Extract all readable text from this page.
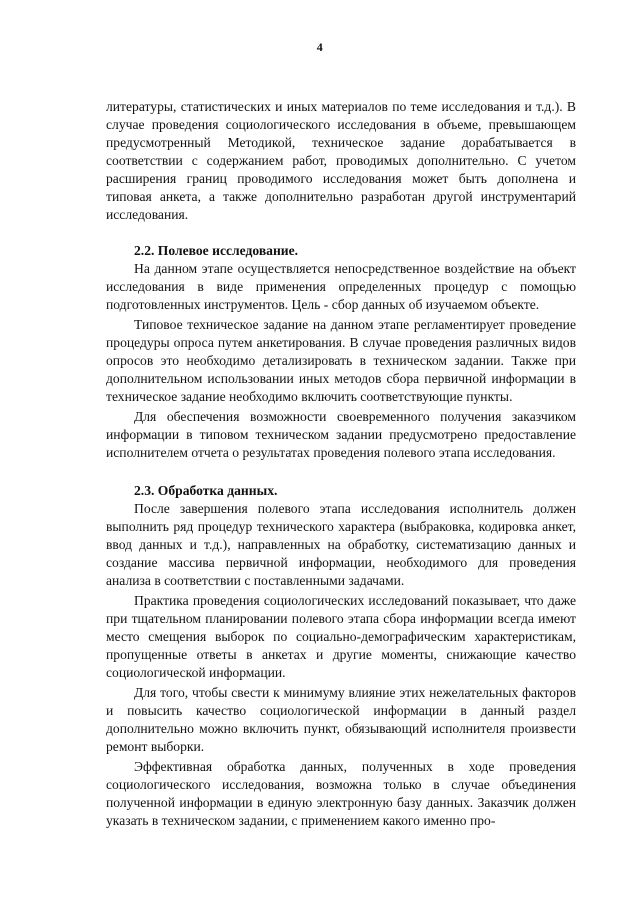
4

литературы, статистических и иных материалов по теме исследования и т.д.). В случае проведения социологического исследования в объеме, превышающем предусмотренный Методикой, техническое задание дорабатывается в соответствии с содержанием работ, проводимых дополнительно. С учетом расширения границ проводимого исследования может быть дополнена и типовая анкета, а также дополнительно разработан другой инструментарий исследования.

2.2. Полевое исследование.

На данном этапе осуществляется непосредственное воздействие на объект исследования в виде применения определенных процедур с помощью подготовленных инструментов. Цель - сбор данных об изучаемом объекте.

Типовое техническое задание на данном этапе регламентирует проведение процедуры опроса путем анкетирования. В случае проведения различных видов опросов это необходимо детализировать в техническом задании. Также при дополнительном использовании иных методов сбора первичной информации в техническое задание необходимо включить соответствующие пункты.

Для обеспечения возможности своевременного получения заказчиком информации в типовом техническом задании предусмотрено предоставление исполнителем отчета о результатах проведения полевого этапа исследования.

2.3. Обработка данных.

После завершения полевого этапа исследования исполнитель должен выполнить ряд процедур технического характера (выбраковка, кодировка анкет, ввод данных и т.д.), направленных на обработку, систематизацию данных и создание массива первичной информации, необходимого для проведения анализа в соответствии с поставленными задачами.

Практика проведения социологических исследований показывает, что даже при тщательном планировании полевого этапа сбора информации всегда имеют место смещения выборок по социально-демографическим характеристикам, пропущенные ответы в анкетах и другие моменты, снижающие качество социологической информации.

Для того, чтобы свести к минимуму влияние этих нежелательных факторов и повысить качество социологической информации в данный раздел дополнительно можно включить пункт, обязывающий исполнителя произвести ремонт выборки.

Эффективная обработка данных, полученных в ходе проведения социологического исследования, возможна только в случае объединения полученной информации в единую электронную базу данных. Заказчик должен указать в техническом задании, с применением какого именно про-
